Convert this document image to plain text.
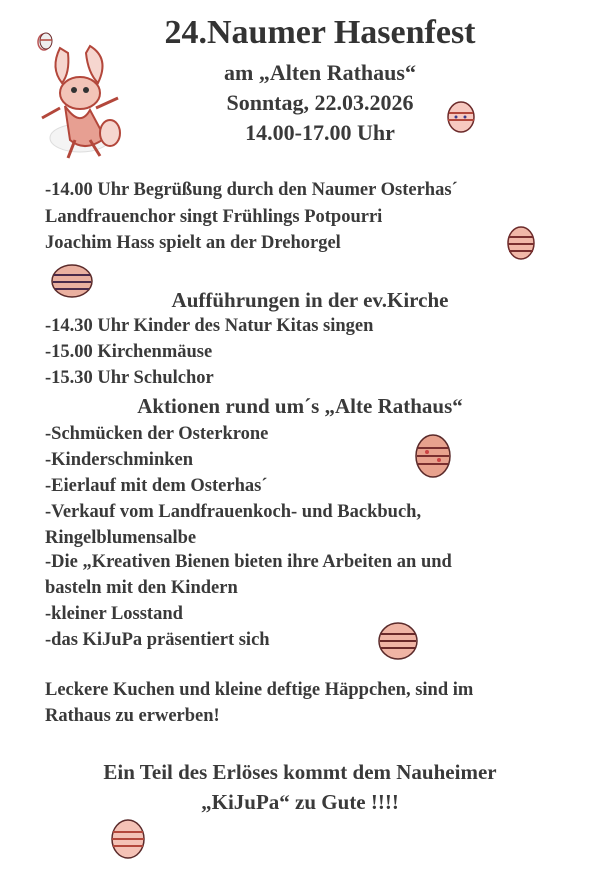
24.Naumer Hasenfest
am „Alten Rathaus“
Sonntag, 22.03.2026
14.00-17.00 Uhr
-14.00 Uhr Begrüßung durch den Naumer Osterhas´
Landfrauenchor singt Frühlings Potpourri
Joachim Hass spielt an der Drehorgel
Aufführungen in der ev.Kirche
-14.30 Uhr Kinder des Natur Kitas singen
-15.00 Kirchenmäuse
-15.30 Uhr Schulchor
Aktionen rund um´s „Alte Rathaus“
-Schmücken der Osterkrone
-Kinderschminken
-Eierlauf mit dem Osterhas´
-Verkauf vom Landfrauenkoch- und Backbuch,
Ringelblumensalbe
-Die „Kreativen Bienen bieten ihre Arbeiten an und
basteln mit den Kindern
-kleiner Losstand
-das KiJuPa präsentiert sich
Leckere Kuchen und kleine deftige Häppchen, sind im
Rathaus zu erwerben!
Ein Teil des Erlöses kommt dem Nauheimer
„KiJuPa“ zu Gute !!!!
